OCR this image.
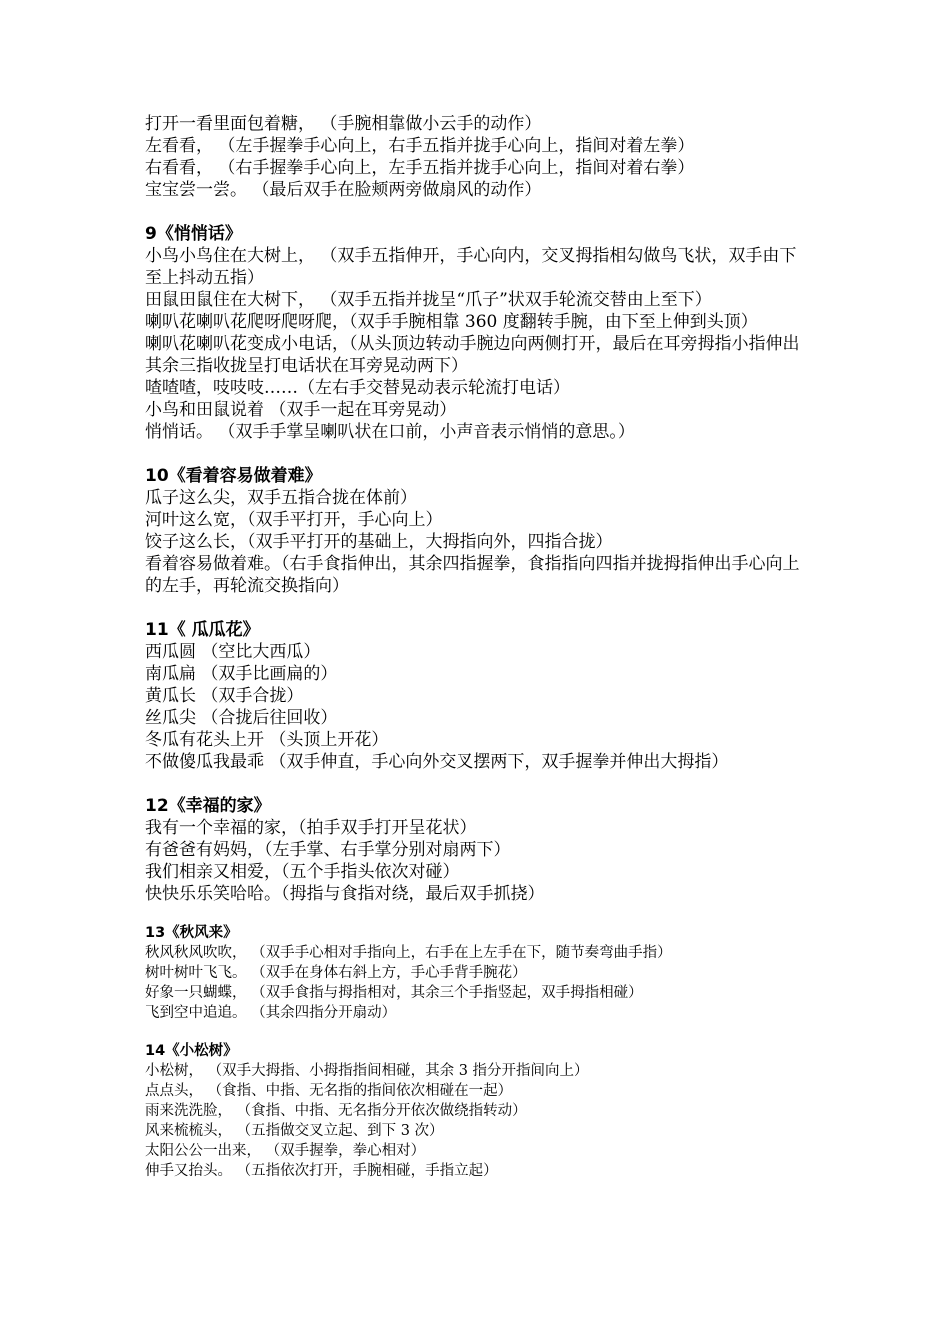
打开一看里面包着糖， （手腕相靠做小云手的动作）
左看看， （左手握拳手心向上，右手五指并拢手心向上，指间对着左拳）
右看看， （右手握拳手心向上，左手五指并拢手心向上，指间对着右拳）
宝宝尝一尝。 （最后双手在脸颊两旁做扇风的动作）
9《悄悄话》
小鸟小鸟住在大树上， （双手五指伸开，手心向内，交叉拇指相勾做鸟飞状，双手由下至上抖动五指）
田鼠田鼠住在大树下， （双手五指并拢呈“爪子”状双手轮流交替由上至下）
喇叭花喇叭花爬呀爬呀爬，（双手手腕相靠 360 度翻转手腕，由下至上伸到头顶）
喇叭花喇叭花变成小电话，（从头顶边转动手腕边向两侧打开，最后在耳旁拇指小指伸出其余三指收拢呈打电话状在耳旁晃动两下）
喳喳喳，吱吱吱……（左右手交替晃动表示轮流打电话）
小鸟和田鼠说着 （双手一起在耳旁晃动）
悄悄话。 （双手手掌呈喇叭状在口前，小声音表示悄悄的意思。）
10《看着容易做着难》
瓜子这么尖，双手五指合拢在体前）
河叶这么宽，（双手平打开，手心向上）
饺子这么长，（双手平打开的基础上，大拇指向外，四指合拢）
看着容易做着难。（右手食指伸出，其余四指握拳，食指指向四指并拢拇指伸出手心向上的左手，再轮流交换指向）
11《 瓜瓜花》
西瓜圆 （空比大西瓜）
南瓜扁 （双手比画扁的）
黄瓜长 （双手合拢）
丝瓜尖 （合拢后往回收）
冬瓜有花头上开 （头顶上开花）
不做傻瓜我最乖 （双手伸直，手心向外交叉摆两下，双手握拳并伸出大拇指）
12《幸福的家》
我有一个幸福的家，（拍手双手打开呈花状）
有爸爸有妈妈，（左手掌、右手掌分别对扇两下）
我们相亲又相爱，（五个手指头依次对碰）
快快乐乐笑哈哈。（拇指与食指对绕，最后双手抓挠）
13《秋风来》
秋风秋风吹吹， （双手手心相对手指向上，右手在上左手在下，随节奏弯曲手指）
树叶树叶飞飞。 （双手在身体右斜上方，手心手背手腕花）
好象一只蝴蝶， （双手食指与拇指相对，其余三个手指竖起，双手拇指相碰）
飞到空中追追。 （其余四指分开扇动）
14《小松树》
小松树， （双手大拇指、小拇指指间相碰，其余 3 指分开指间向上）
点点头， （食指、中指、无名指的指间依次相碰在一起）
雨来洗洗脸， （食指、中指、无名指分开依次做绕指转动）
风来梳梳头， （五指做交叉立起、到下 3 次）
太阳公公一出来， （双手握拳，拳心相对）
伸手又抬头。 （五指依次打开，手腕相碰，手指立起）
